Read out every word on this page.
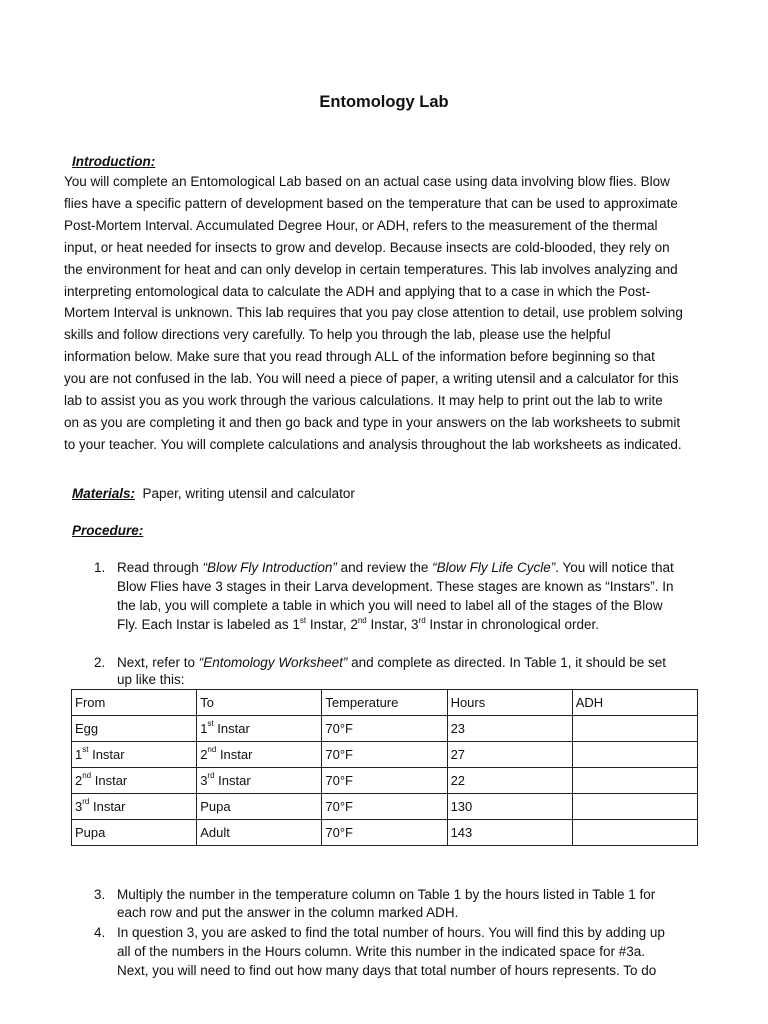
Entomology Lab
Introduction:
You will complete an Entomological Lab based on an actual case using data involving blow flies. Blow
flies have a specific pattern of development based on the temperature that can be used to approximate
Post-Mortem Interval. Accumulated Degree Hour, or ADH, refers to the measurement of the thermal
input, or heat needed for insects to grow and develop. Because insects are cold-blooded, they rely on
the environment for heat and can only develop in certain temperatures. This lab involves analyzing and
interpreting entomological data to calculate the ADH and applying that to a case in which the Post-
Mortem Interval is unknown. This lab requires that you pay close attention to detail, use problem solving
skills and follow directions very carefully. To help you through the lab, please use the helpful
information below. Make sure that you read through ALL of the information before beginning so that
you are not confused in the lab. You will need a piece of paper, a writing utensil and a calculator for this
lab to assist you as you work through the various calculations. It may help to print out the lab to write
on as you are completing it and then go back and type in your answers on the lab worksheets to submit
to your teacher. You will complete calculations and analysis throughout the lab worksheets as indicated.
Materials: Paper, writing utensil and calculator
Procedure:
1. Read through “Blow Fly Introduction” and review the “Blow Fly Life Cycle”. You will notice that
Blow Flies have 3 stages in their Larva development. These stages are known as “Instars”. In
the lab, you will complete a table in which you will need to label all of the stages of the Blow
Fly. Each Instar is labeled as 1st Instar, 2nd Instar, 3rd Instar in chronological order.
2. Next, refer to “Entomology Worksheet” and complete as directed. In Table 1, it should be set
up like this:
From	To	Temperature	Hours	ADH
Egg	1st Instar	70°F	23	
1st Instar	2nd Instar	70°F	27	
2nd Instar	3rd Instar	70°F	22	
3rd Instar	Pupa	70°F	130	
Pupa	Adult	70°F	143	
3. Multiply the number in the temperature column on Table 1 by the hours listed in Table 1 for
each row and put the answer in the column marked ADH.
4. In question 3, you are asked to find the total number of hours. You will find this by adding up
all of the numbers in the Hours column. Write this number in the indicated space for #3a.
Next, you will need to find out how many days that total number of hours represents. To do
